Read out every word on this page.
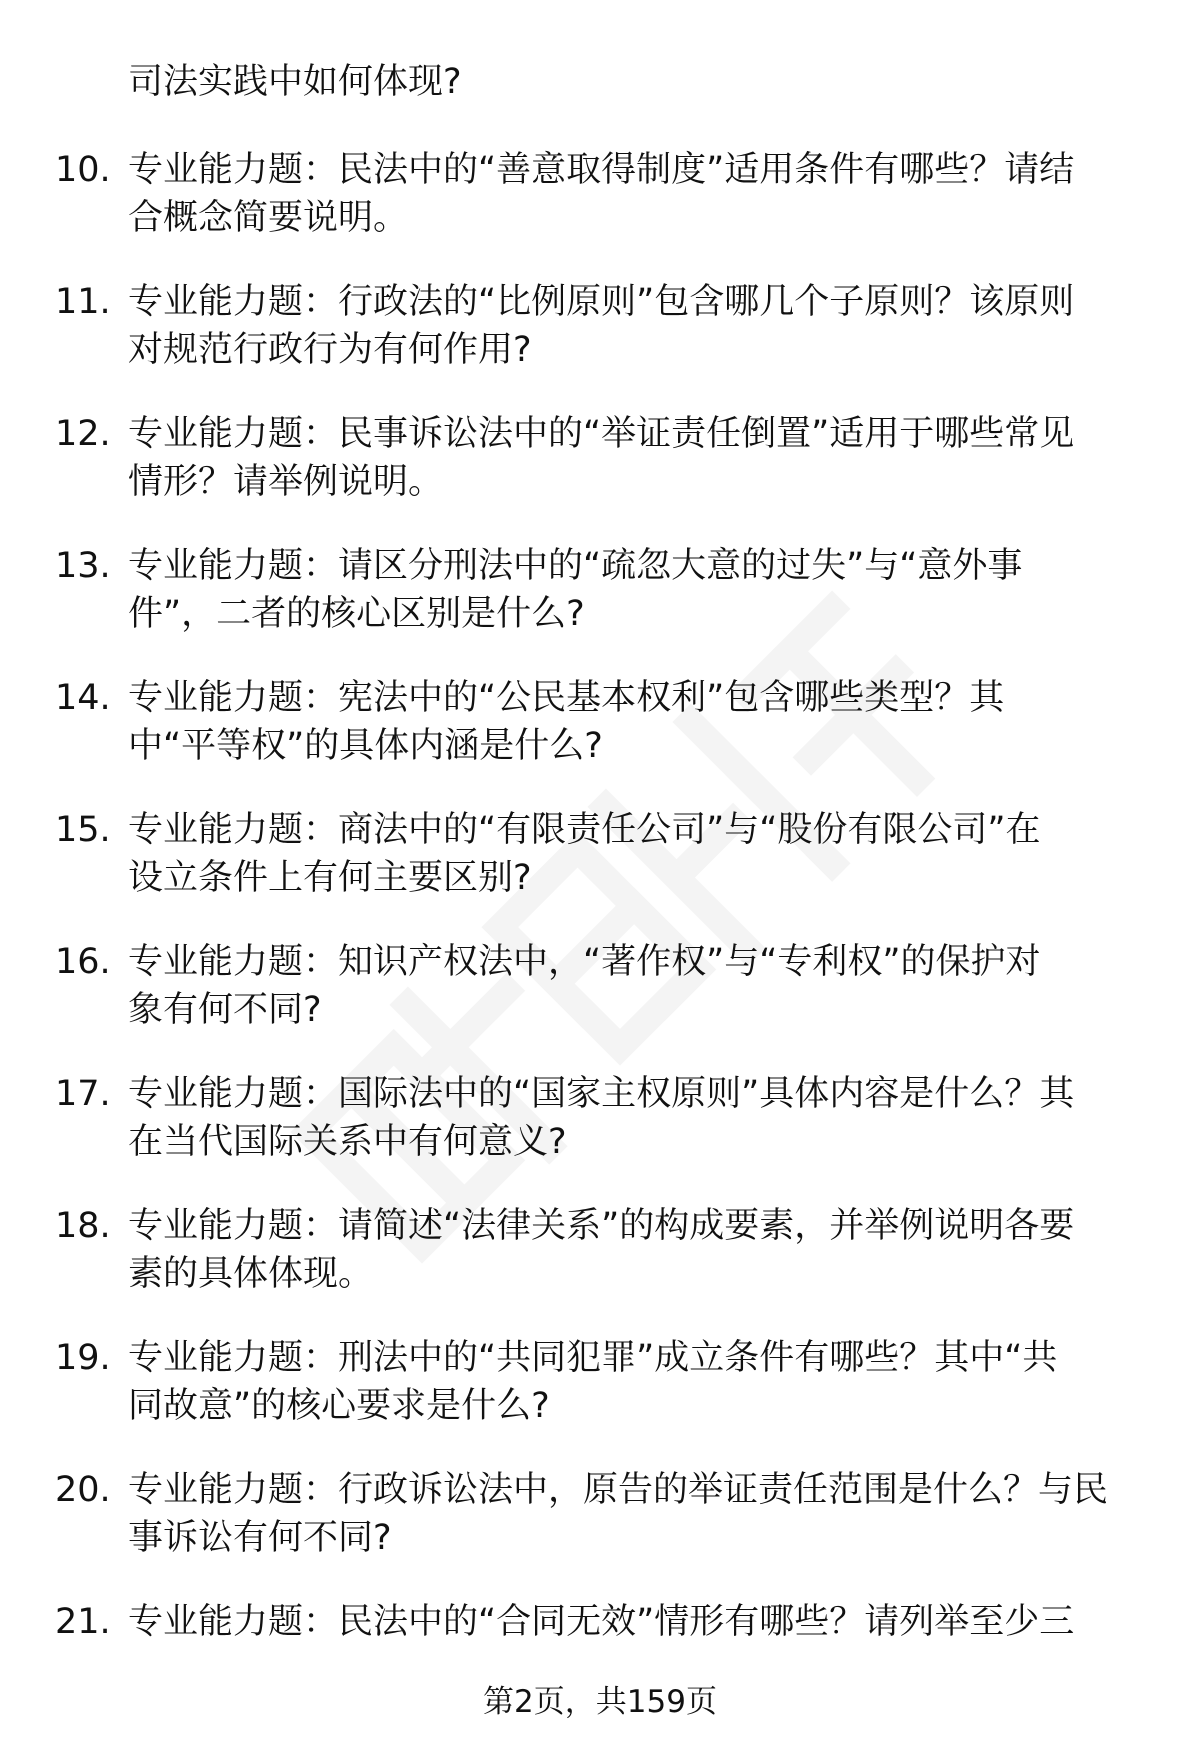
司法实践中如何体现?
10. 专业能力题：民法中的“善意取得制度”适用条件有哪些？请结
合概念简要说明。
11. 专业能力题：行政法的“比例原则”包含哪几个子原则？该原则
对规范行政行为有何作用?
12. 专业能力题：民事诉讼法中的“举证责任倒置”适用于哪些常见
情形？请举例说明。
13. 专业能力题：请区分刑法中的“疏忽大意的过失”与“意外事
件”，二者的核心区别是什么?
14. 专业能力题：宪法中的“公民基本权利”包含哪些类型？其
中“平等权”的具体内涵是什么?
15. 专业能力题：商法中的“有限责任公司”与“股份有限公司”在
设立条件上有何主要区别?
16. 专业能力题：知识产权法中，“著作权”与“专利权”的保护对
象有何不同?
17. 专业能力题：国际法中的“国家主权原则”具体内容是什么？其
在当代国际关系中有何意义?
18. 专业能力题：请简述“法律关系”的构成要素，并举例说明各要
素的具体体现。
19. 专业能力题：刑法中的“共同犯罪”成立条件有哪些？其中“共
同故意”的核心要求是什么?
20. 专业能力题：行政诉讼法中，原告的举证责任范围是什么？与民
事诉讼有何不同?
21. 专业能力题：民法中的“合同无效”情形有哪些？请列举至少三
第2页，共159页
